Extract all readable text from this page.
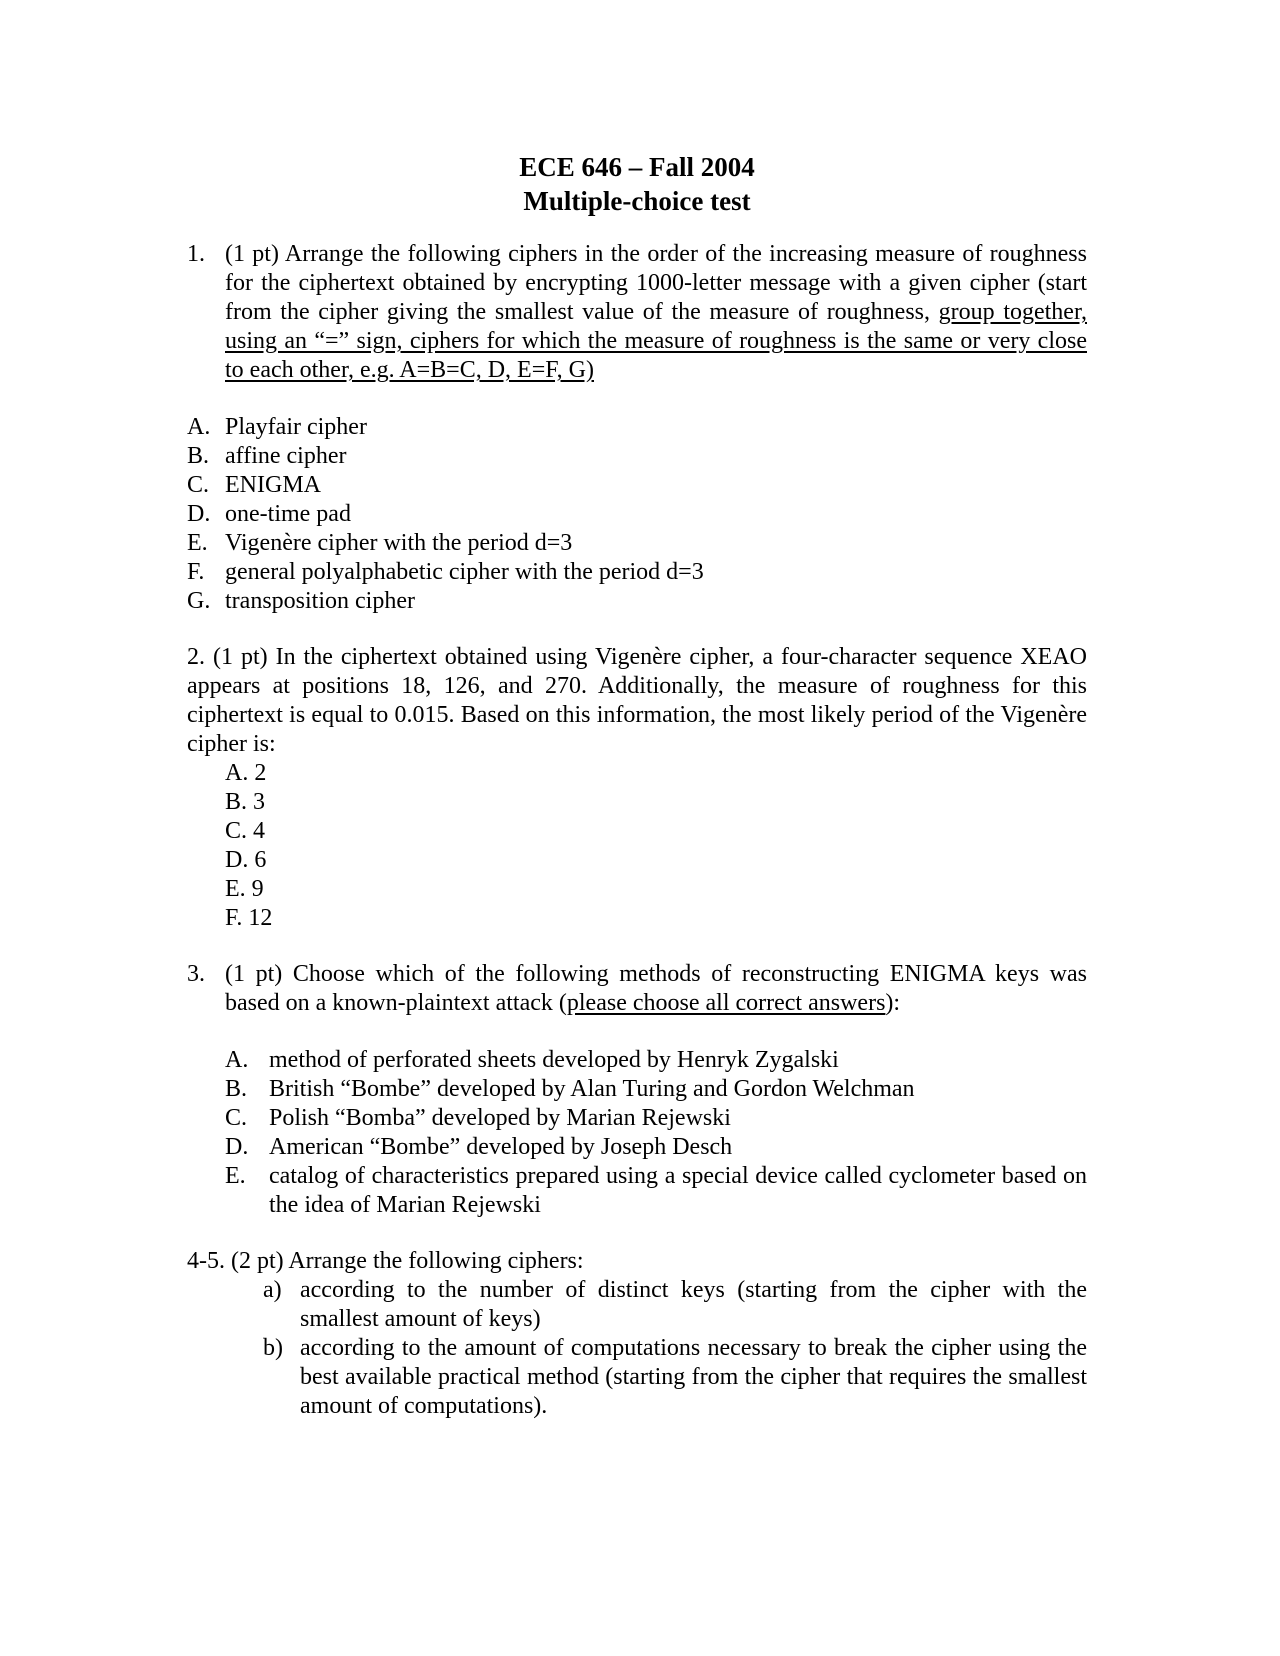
ECE 646 – Fall 2004

Multiple-choice test

1. (1 pt) Arrange the following ciphers in the order of the increasing measure of roughness for the ciphertext obtained by encrypting 1000-letter message with a given cipher (start from the cipher giving the smallest value of the measure of roughness, group together, using an “=” sign, ciphers for which the measure of roughness is the same or very close to each other, e.g. A=B=C, D, E=F, G)
A. Playfair cipher
B. affine cipher
C. ENIGMA
D. one-time pad
E. Vigenère cipher with the period d=3
F. general polyalphabetic cipher with the period d=3
G. transposition cipher
2. (1 pt) In the ciphertext obtained using Vigenère cipher, a four-character sequence XEAO appears at positions 18, 126, and 270. Additionally, the measure of roughness for this ciphertext is equal to 0.015. Based on this information, the most likely period of the Vigenère cipher is:
A. 2
B. 3
C. 4
D. 6
E. 9
F. 12
3. (1 pt) Choose which of the following methods of reconstructing ENIGMA keys was based on a known-plaintext attack (please choose all correct answers):
A. method of perforated sheets developed by Henryk Zygalski
B. British “Bombe” developed by Alan Turing and Gordon Welchman
C. Polish “Bomba” developed by Marian Rejewski
D. American “Bombe” developed by Joseph Desch
E. catalog of characteristics prepared using a special device called cyclometer based on the idea of Marian Rejewski
4-5. (2 pt) Arrange the following ciphers:
a) according to the number of distinct keys (starting from the cipher with the smallest amount of keys)
b) according to the amount of computations necessary to break the cipher using the best available practical method (starting from the cipher that requires the smallest amount of computations).
